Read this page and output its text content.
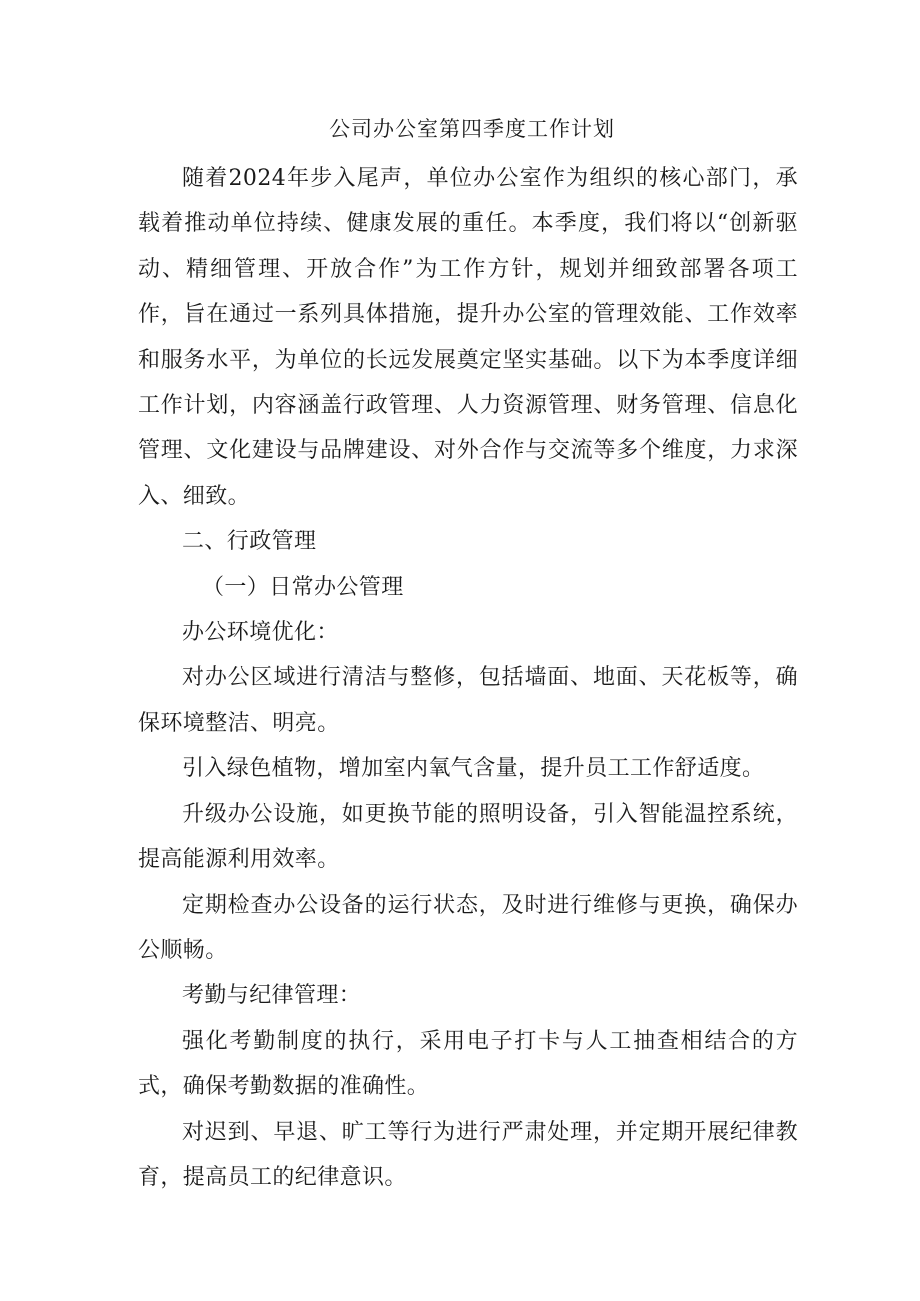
公司办公室第四季度工作计划

随着2024年步入尾声，单位办公室作为组织的核心部门，承载着推动单位持续、健康发展的重任。本季度，我们将以“创新驱动、精细管理、开放合作”为工作方针，规划并细致部署各项工作，旨在通过一系列具体措施，提升办公室的管理效能、工作效率和服务水平，为单位的长远发展奠定坚实基础。以下为本季度详细工作计划，内容涵盖行政管理、人力资源管理、财务管理、信息化管理、文化建设与品牌建设、对外合作与交流等多个维度，力求深入、细致。

二、行政管理

（一）日常办公管理

办公环境优化：

对办公区域进行清洁与整修，包括墙面、地面、天花板等，确保环境整洁、明亮。

引入绿色植物，增加室内氧气含量，提升员工工作舒适度。

升级办公设施，如更换节能的照明设备，引入智能温控系统，提高能源利用效率。

定期检查办公设备的运行状态，及时进行维修与更换，确保办公顺畅。

考勤与纪律管理：

强化考勤制度的执行，采用电子打卡与人工抽查相结合的方式，确保考勤数据的准确性。

对迟到、早退、旷工等行为进行严肃处理，并定期开展纪律教育，提高员工的纪律意识。
